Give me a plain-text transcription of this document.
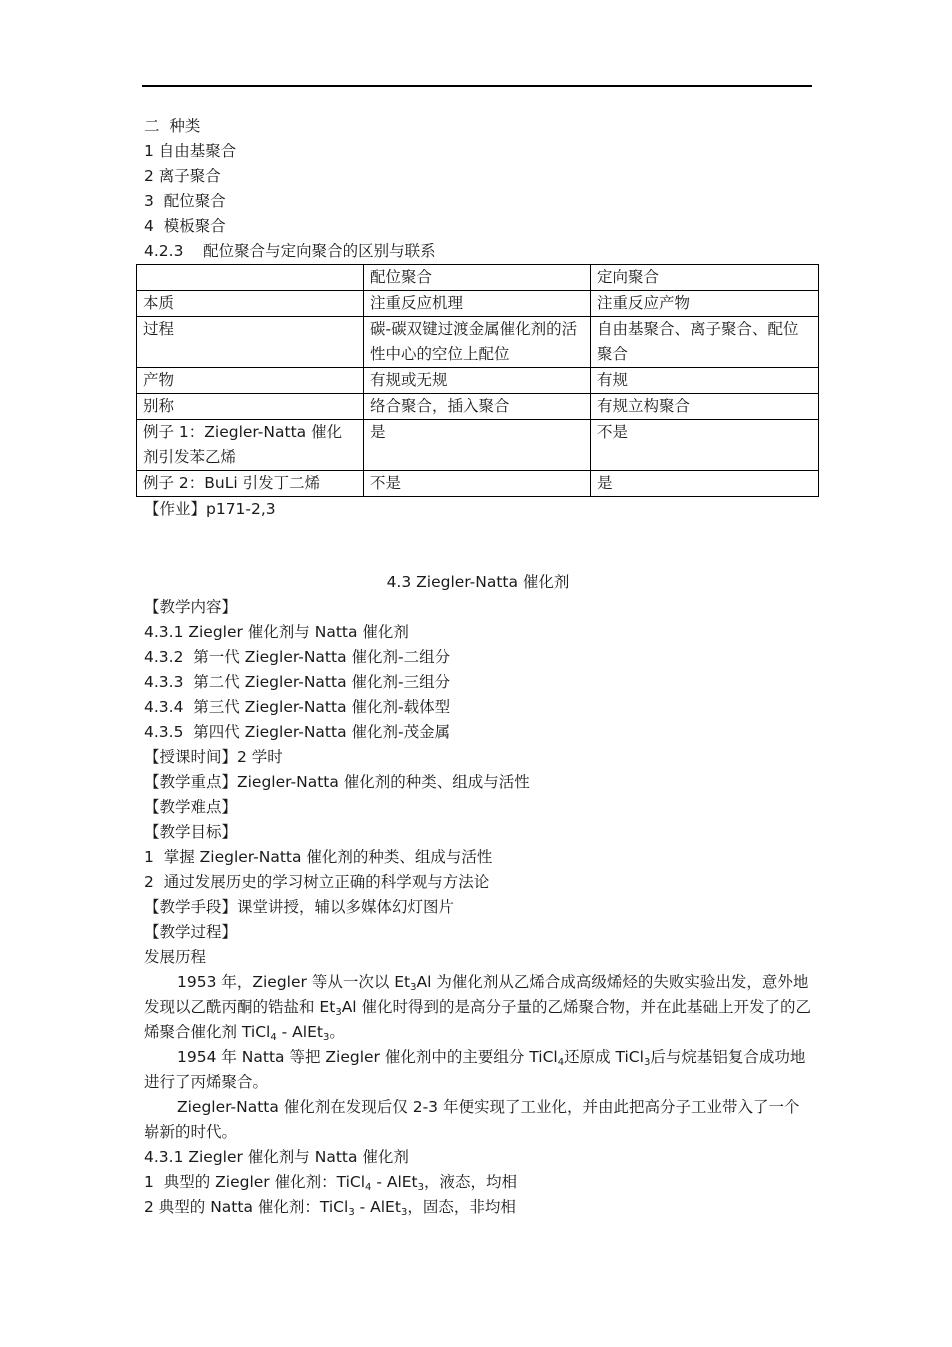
二  种类
1 自由基聚合
2 离子聚合
3  配位聚合
4  模板聚合
4.2.3    配位聚合与定向聚合的区别与联系
	配位聚合	定向聚合
本质	注重反应机理	注重反应产物
过程	碳-碳双键过渡金属催化剂的活性中心的空位上配位	自由基聚合、离子聚合、配位聚合
产物	有规或无规	有规
别称	络合聚合，插入聚合	有规立构聚合
例子 1：Ziegler-Natta 催化剂引发苯乙烯	是	不是
例子 2：BuLi 引发丁二烯	不是	是
【作业】p171-2,3
4.3 Ziegler-Natta 催化剂
【教学内容】
4.3.1 Ziegler 催化剂与 Natta 催化剂
4.3.2  第一代 Ziegler-Natta 催化剂-二组分
4.3.3  第二代 Ziegler-Natta 催化剂-三组分
4.3.4  第三代 Ziegler-Natta 催化剂-载体型
4.3.5  第四代 Ziegler-Natta 催化剂-茂金属
【授课时间】2 学时
【教学重点】Ziegler-Natta 催化剂的种类、组成与活性
【教学难点】
【教学目标】
1  掌握 Ziegler-Natta 催化剂的种类、组成与活性
2  通过发展历史的学习树立正确的科学观与方法论
【教学手段】课堂讲授，辅以多媒体幻灯图片
【教学过程】
发展历程
1953 年，Ziegler 等从一次以 $Et_3Al$ 为催化剂从乙烯合成高级烯烃的失败实验出发，意外地发现以乙酰丙酮的锆盐和 $Et_3Al$ 催化时得到的是高分子量的乙烯聚合物，并在此基础上开发了的乙烯聚合催化剂 TiCl$_4$ - AlEt$_3$。
1954 年 Natta 等把 Ziegler 催化剂中的主要组分 TiCl$_4$还原成 TiCl$_3$后与烷基铝复合成功地进行了丙烯聚合。
Ziegler-Natta 催化剂在发现后仅 2-3 年便实现了工业化，并由此把高分子工业带入了一个崭新的时代。
4.3.1 Ziegler 催化剂与 Natta 催化剂
1  典型的 Ziegler 催化剂：TiCl$_4$ - AlEt$_3$，液态，均相
2 典型的 Natta 催化剂：TiCl$_3$ - AlEt$_3$，固态，非均相
